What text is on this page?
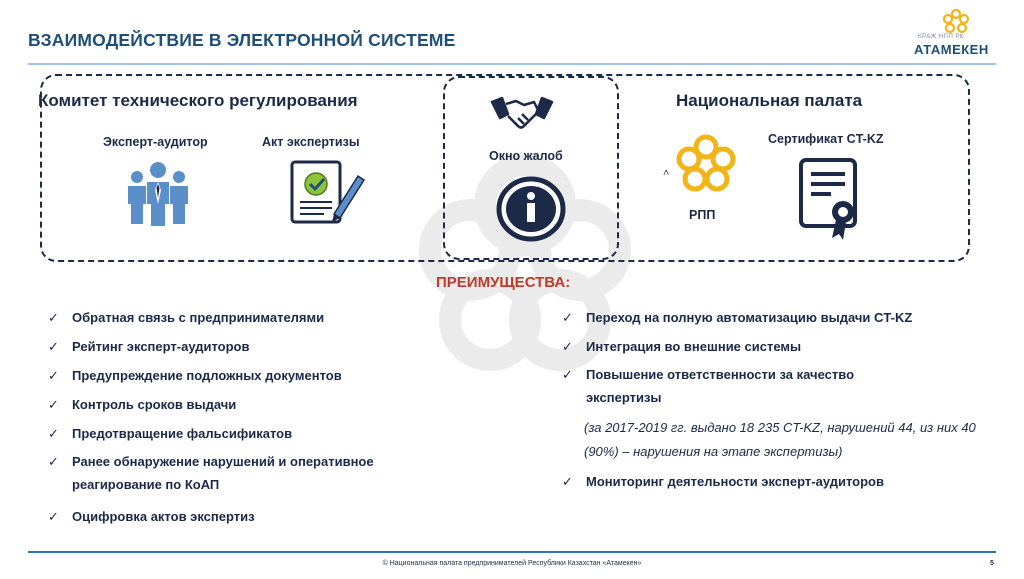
ВЗАИМОДЕЙСТВИЕ В ЭЛЕКТРОННОЙ СИСТЕМЕ	КРАЖ НПП РК
АТАМЕКЕН
Комитет технического регулирования	Национальная палата
Эксперт-аудитор	Акт экспертизы
Окно жалоб
>
РПП
Сертификат CT-KZ
ПРЕИМУЩЕСТВА:
✓ Обратная связь с предпринимателями
✓ Рейтинг эксперт-аудиторов
✓ Предупреждение подложных документов
✓ Контроль сроков выдачи
✓ Предотвращение фальсификатов
✓ Ранее обнаружение нарушений и оперативное реагирование по КоАП
✓ Оцифровка актов экспертиз
✓ Переход на полную автоматизацию выдачи CT-KZ
✓ Интеграция во внешние системы
✓ Повышение ответственности за качество экспертизы
(за 2017-2019 гг. выдано 18 235 CT-KZ, нарушений 44, из них 40 (90%) – нарушения на этапе экспертизы)
✓ Мониторинг деятельности эксперт-аудиторов
© Национальная палата предпринимателей Республики Казахстан «Атамекен»	5
